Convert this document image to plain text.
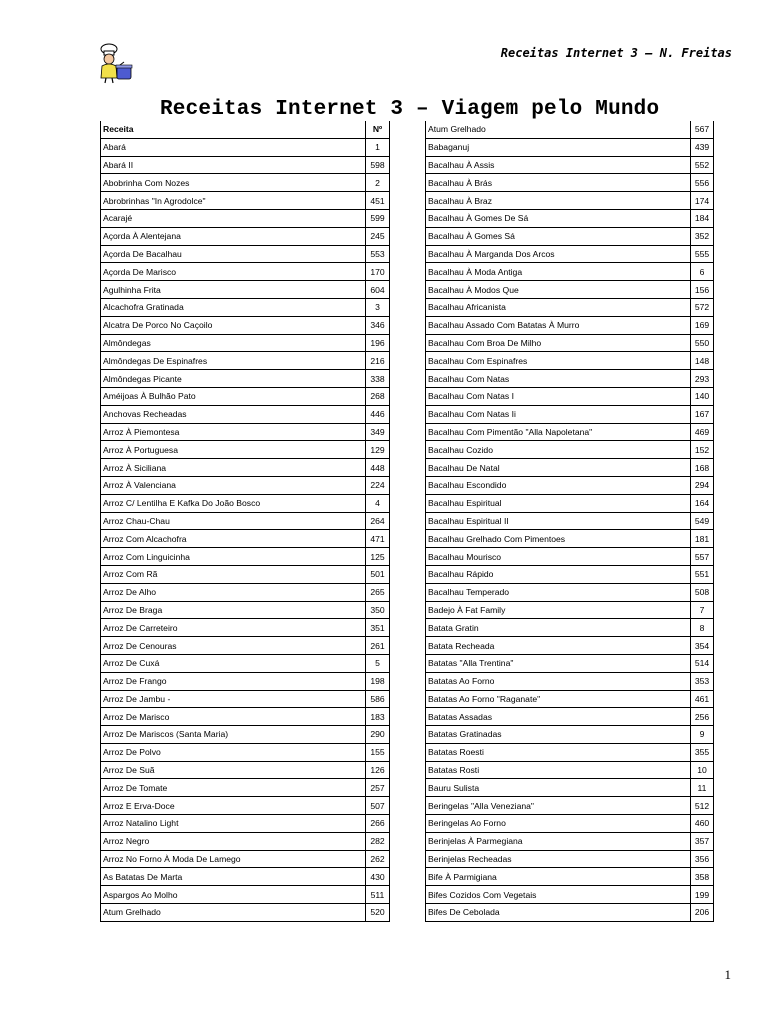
Receitas Internet 3 – N. Freitas
Receitas Internet 3 – Viagem pelo Mundo
Receita	Nº
Abará	1
Abará II	598
Abobrinha Com Nozes	2
Abrobrinhas "In Agrodolce"	451
Acarajé	599
Açorda À Alentejana	245
Açorda De Bacalhau	553
Açorda De Marisco	170
Agulhinha Frita	604
Alcachofra Gratinada	3
Alcatra De Porco No Caçoilo	346
Almôndegas	196
Almôndegas De Espinafres	216
Almôndegas Picante	338
Améijoas À Bulhão Pato	268
Anchovas Recheadas	446
Arroz À Piemontesa	349
Arroz À Portuguesa	129
Arroz À Siciliana	448
Arroz À Valenciana	224
Arroz C/ Lentilha E Kafka Do João Bosco	4
Arroz Chau-Chau	264
Arroz Com Alcachofra	471
Arroz Com Linguicinha	125
Arroz Com Rã	501
Arroz De Alho	265
Arroz De Braga	350
Arroz De Carreteiro	351
Arroz De Cenouras	261
Arroz De Cuxá	5
Arroz De Frango	198
Arroz De Jambu -	586
Arroz De Marisco	183
Arroz De Mariscos (Santa Maria)	290
Arroz De Polvo	155
Arroz De Suã	126
Arroz De Tomate	257
Arroz E Erva-Doce	507
Arroz Natalino Light	266
Arroz Negro	282
Arroz No Forno À Moda De Lamego	262
As Batatas De Marta	430
Aspargos Ao Molho	511
Atum Grelhado	520
Atum Grelhado	567
Babaganuj	439
Bacalhau À Assis	552
Bacalhau À Brás	556
Bacalhau À Braz	174
Bacalhau À Gomes De Sá	184
Bacalhau À Gomes Sá	352
Bacalhau À Marganda Dos Arcos	555
Bacalhau À Moda Antiga	6
Bacalhau À Modos Que	156
Bacalhau Africanista	572
Bacalhau Assado Com Batatas À Murro	169
Bacalhau Com Broa De Milho	550
Bacalhau Com Espinafres	148
Bacalhau Com Natas	293
Bacalhau Com Natas I	140
Bacalhau Com Natas Ii	167
Bacalhau Com Pimentão "Alla Napoletana"	469
Bacalhau Cozido	152
Bacalhau De Natal	168
Bacalhau Escondido	294
Bacalhau Espiritual	164
Bacalhau Espiritual II	549
Bacalhau Grelhado Com Pimentoes	181
Bacalhau Mourisco	557
Bacalhau Rápido	551
Bacalhau Temperado	508
Badejo À Fat Family	7
Batata Gratin	8
Batata Recheada	354
Batatas "Alla Trentina"	514
Batatas Ao Forno	353
Batatas Ao Forno "Raganate"	461
Batatas Assadas	256
Batatas Gratinadas	9
Batatas Roesti	355
Batatas Rosti	10
Bauru Sulista	11
Beringelas "Alla Veneziana"	512
Beringelas Ao Forno	460
Berinjelas À Parmegiana	357
Berinjelas Recheadas	356
Bife À Parmigiana	358
Bifes Cozidos Com Vegetais	199
Bifes De Cebolada	206
1
